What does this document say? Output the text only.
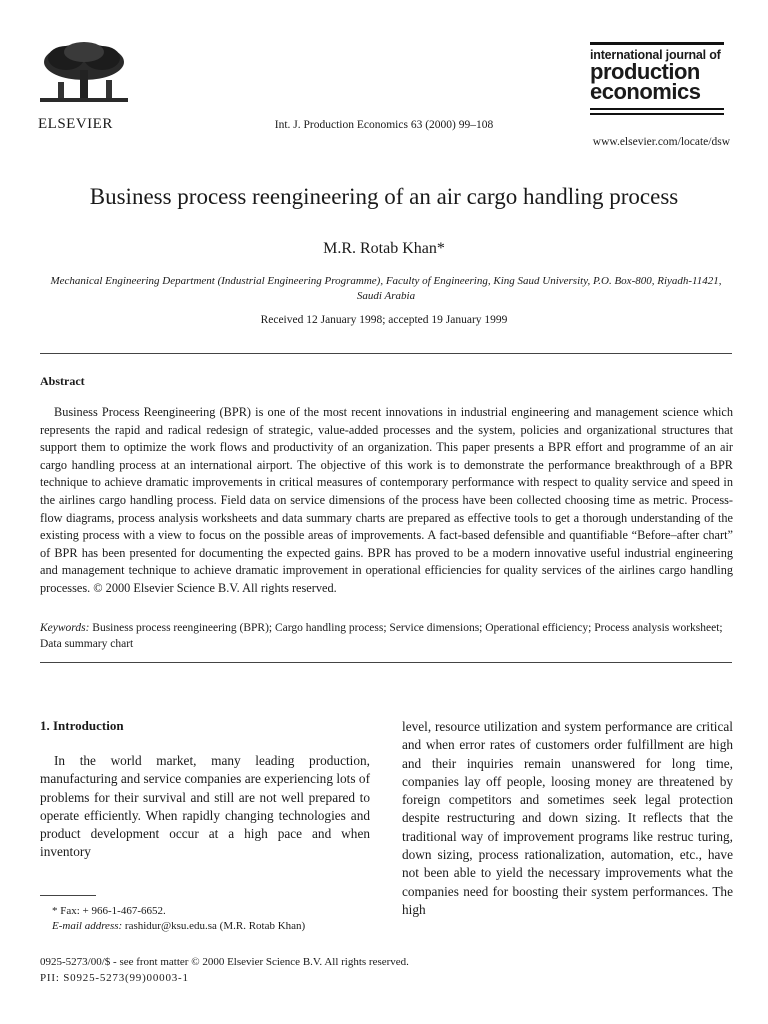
ELSEVIER	Int. J. Production Economics 63 (2000) 99–108
international journal of
production
economics
www.elsevier.com/locate/dsw
Business process reengineering of an air cargo handling process
M.R. Rotab Khan*
Mechanical Engineering Department (Industrial Engineering Programme), Faculty of Engineering, King Saud University, P.O. Box-800, Riyadh-11421, Saudi Arabia
Received 12 January 1998; accepted 19 January 1999
Abstract
Business Process Reengineering (BPR) is one of the most recent innovations in industrial engineering and management science which represents the rapid and radical redesign of strategic, value-added processes and the system, policies and organizational structures that support them to optimize the work flows and productivity of an organization. This paper presents a BPR effort and programme of an air cargo handling process at an international airport. The objective of this work is to demonstrate the performance breakthrough of a BPR technique to achieve dramatic improvements in critical measures of contemporary performance with respect to quality service and speed in the airlines cargo handling process. Field data on service dimensions of the process have been collected choosing time as metric. Process-flow diagrams, process analysis worksheets and data summary charts are prepared as effective tools to get a thorough understanding of the existing process with a view to focus on the possible areas of improvements. A fact-based defensible and quantifiable “Before–after chart” of BPR has been presented for documenting the expected gains. BPR has proved to be a modern innovative useful industrial engineering and management technique to achieve dramatic improvement in operational efficiencies for quality services of the airlines cargo handling processes. © 2000 Elsevier Science B.V. All rights reserved.
Keywords: Business process reengineering (BPR); Cargo handling process; Service dimensions; Operational efficiency; Process analysis worksheet; Data summary chart
1. Introduction

In the world market, many leading production, manufacturing and service companies are experiencing lots of problems for their survival and still are not well prepared to operate efficiently. When rapidly changing technologies and product development occur at a high pace and when inventory

level, resource utilization and system performance are critical and when error rates of customers order fulfillment are high and their inquiries remain unanswered for long time, companies lay off people, loosing money are threatened by foreign competitors and sometimes seek legal protection despite restructuring and down sizing. It reflects that the traditional way of improvement programs like restruc turing, down sizing, process rationalization, automation, etc., have not been able to yield the necessary improvements what the companies need for boosting their system performances. The high

* Fax: + 966-1-467-6652.
E-mail address: rashidur@ksu.edu.sa (M.R. Rotab Khan)
0925-5273/00/$ - see front matter © 2000 Elsevier Science B.V. All rights reserved.
PII: S0925-5273(99)00003-1
